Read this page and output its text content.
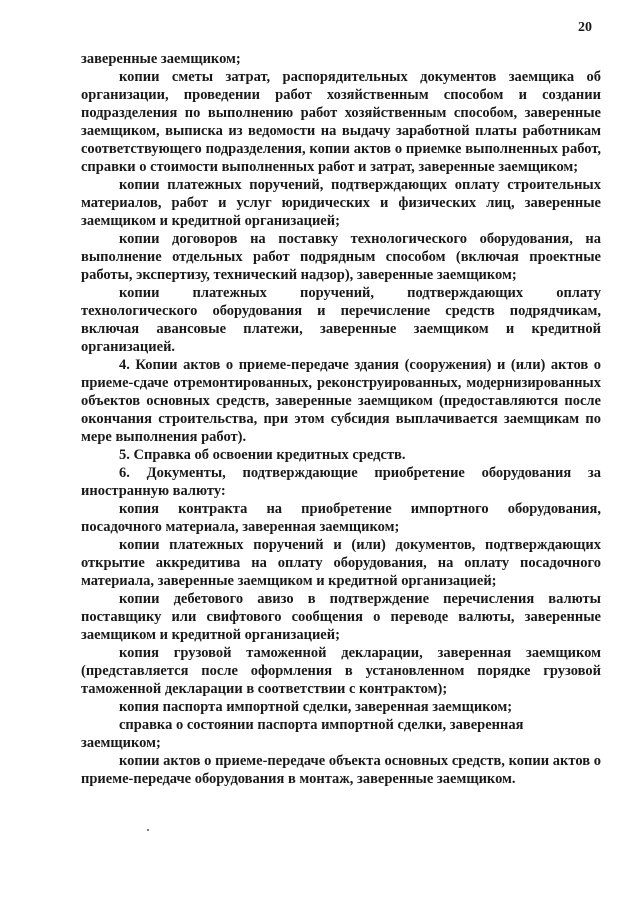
20

заверенные заемщиком;

копии сметы затрат, распорядительных документов заемщика об организации, проведении работ хозяйственным способом и создании подразделения по выполнению работ хозяйственным способом, заверенные заемщиком, выписка из ведомости на выдачу заработной платы работникам соответствующего подразделения, копии актов о приемке выполненных работ, справки о стоимости выполненных работ и затрат, заверенные заемщиком;

копии платежных поручений, подтверждающих оплату строительных материалов, работ и услуг юридических и физических лиц, заверенные заемщиком и кредитной организацией;

копии договоров на поставку технологического оборудования, на выполнение отдельных работ подрядным способом (включая проектные работы, экспертизу, технический надзор), заверенные заемщиком;

копии платежных поручений, подтверждающих оплату технологического оборудования и перечисление средств подрядчикам, включая авансовые платежи, заверенные заемщиком и кредитной организацией.

4. Копии актов о приеме-передаче здания (сооружения) и (или) актов о приеме-сдаче отремонтированных, реконструированных, модернизированных объектов основных средств, заверенные заемщиком (предоставляются после окончания строительства, при этом субсидия выплачивается заемщикам по мере выполнения работ).

5. Справка об освоении кредитных средств.

6. Документы, подтверждающие приобретение оборудования за иностранную валюту:

копия контракта на приобретение импортного оборудования, посадочного материала, заверенная заемщиком;

копии платежных поручений и (или) документов, подтверждающих открытие аккредитива на оплату оборудования, на оплату посадочного материала, заверенные заемщиком и кредитной организацией;

копии дебетового авизо в подтверждение перечисления валюты поставщику или свифтового сообщения о переводе валюты, заверенные заемщиком и кредитной организацией;

копия грузовой таможенной декларации, заверенная заемщиком (представляется после оформления в установленном порядке грузовой таможенной декларации в соответствии с контрактом);

копия паспорта импортной сделки, заверенная заемщиком;

справка о состоянии паспорта импортной сделки, заверенная заемщиком;

копии актов о приеме-передаче объекта основных средств, копии актов о приеме-передаче оборудования в монтаж, заверенные заемщиком.
